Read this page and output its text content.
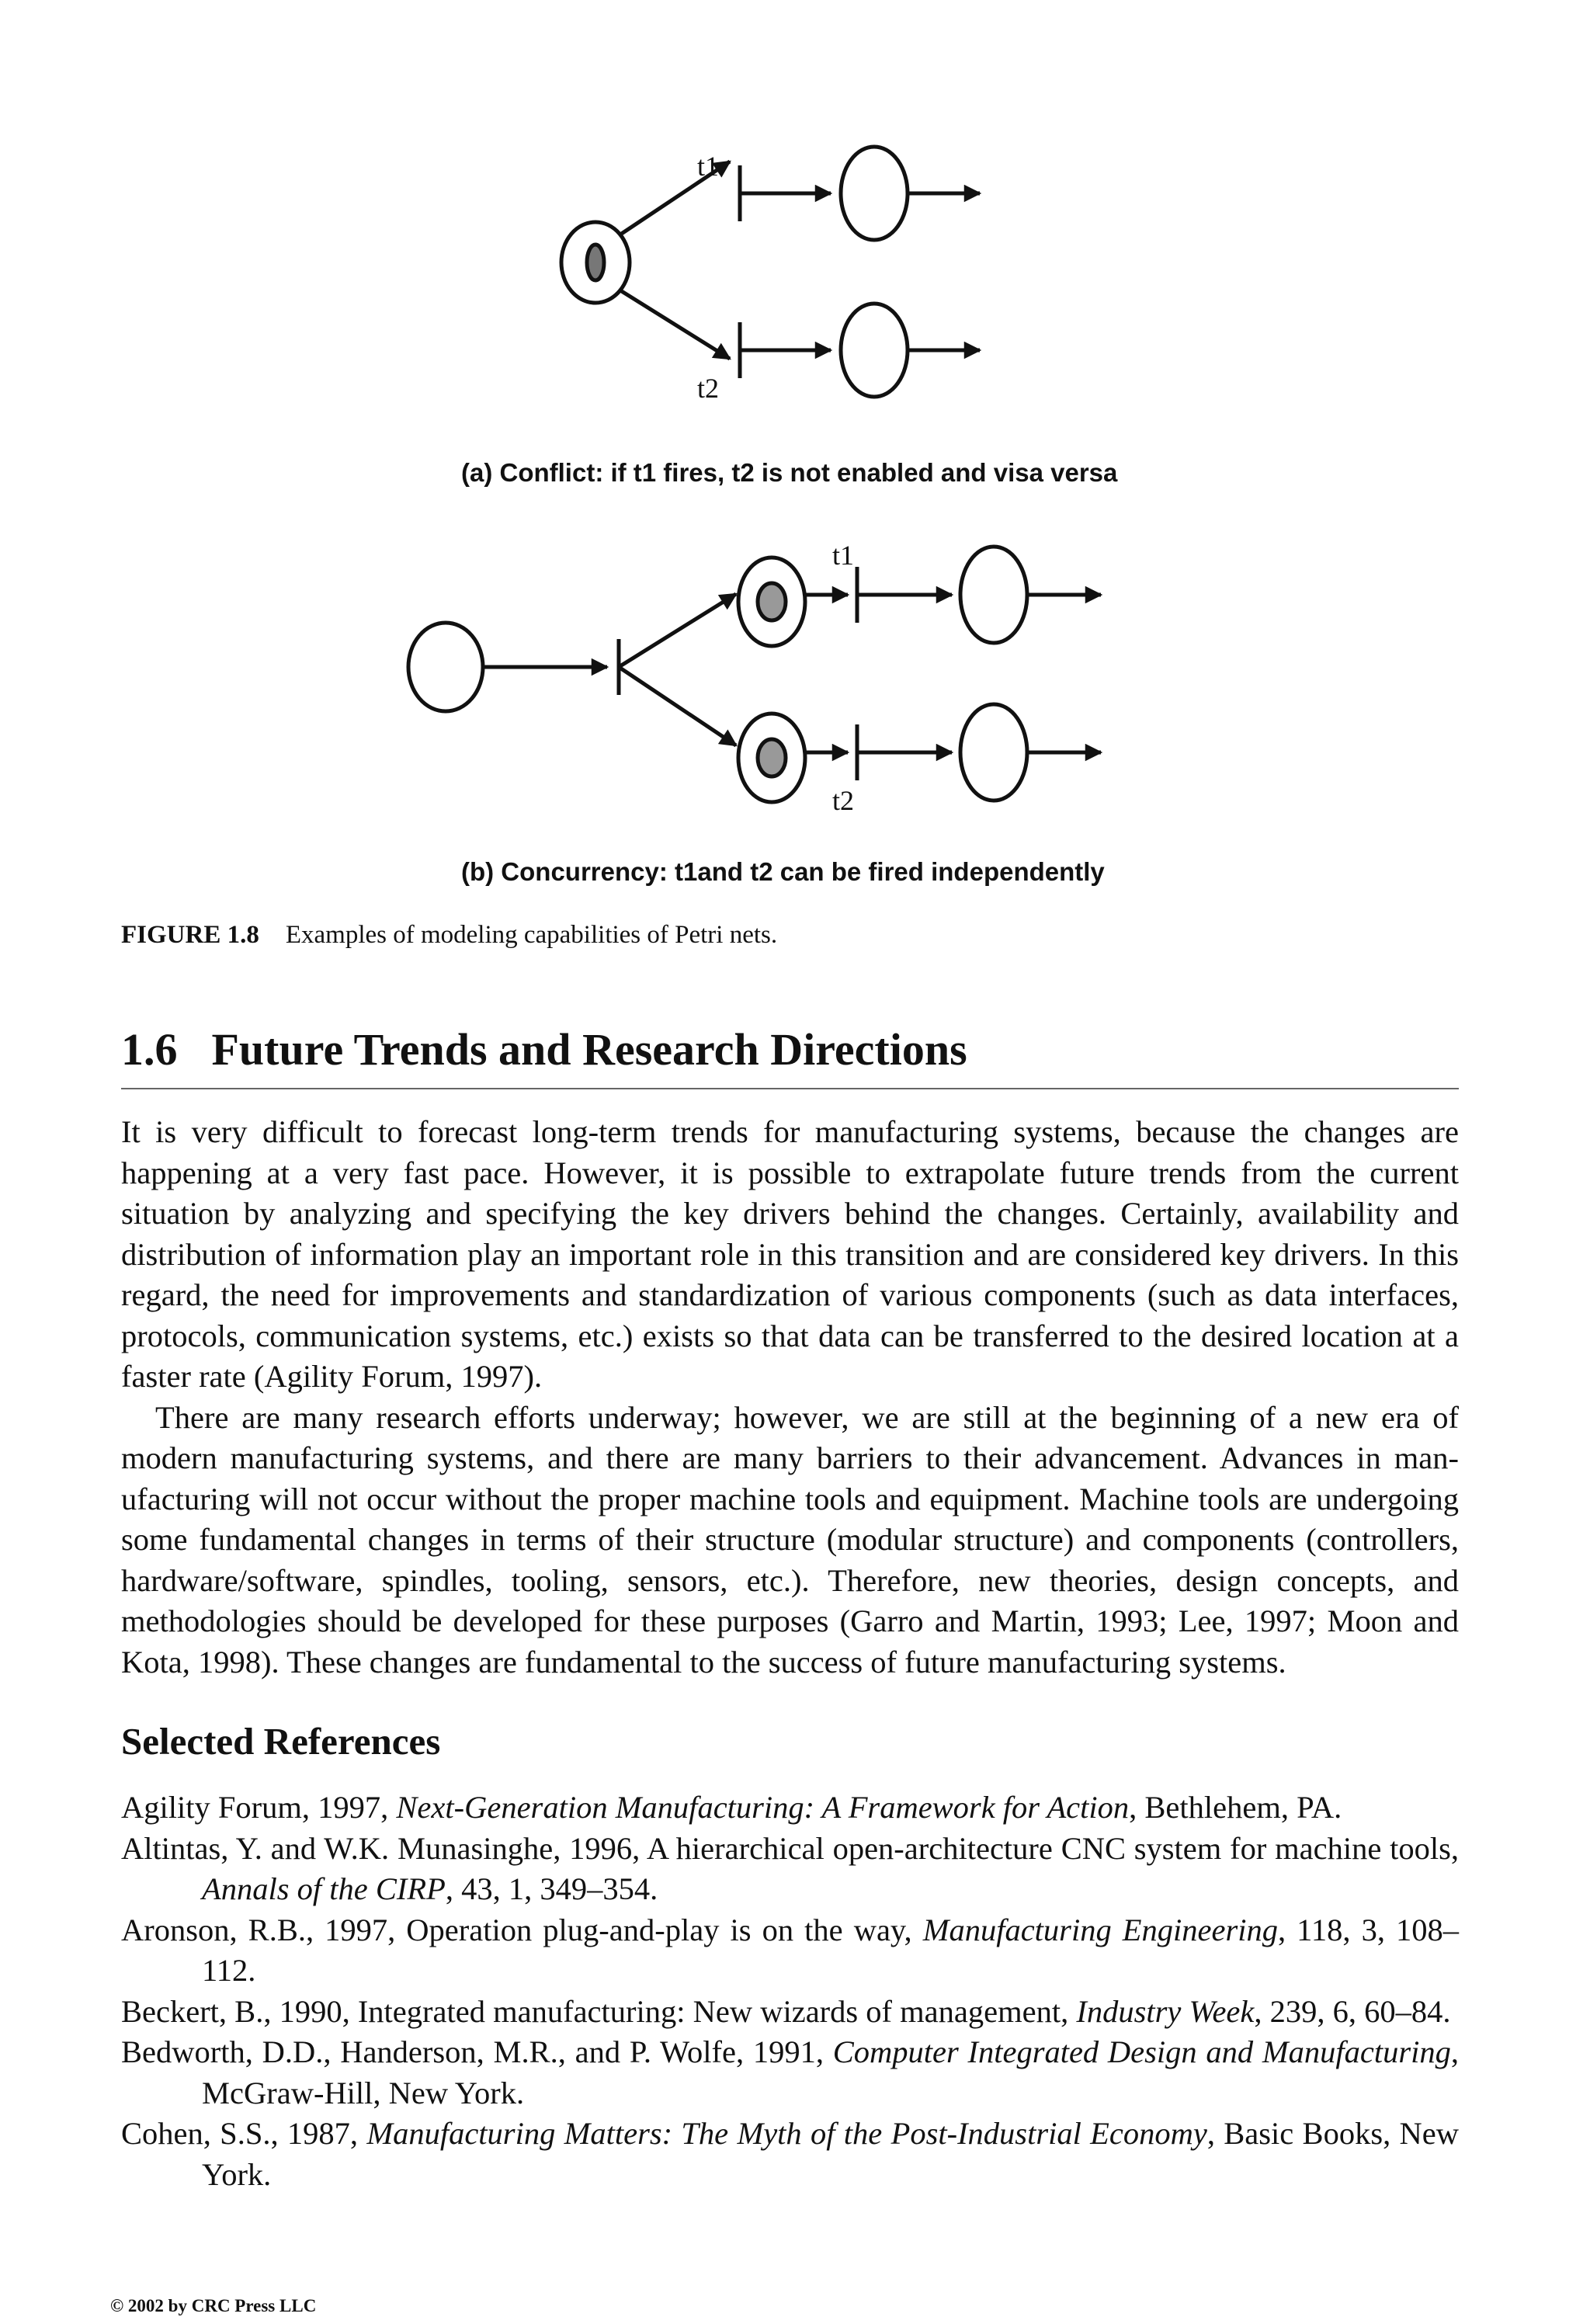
t1
t2
t1
t2
(a) Conflict: if t1 fires, t2 is not enabled and visa versa
(b) Concurrency: t1and t2 can be fired independently
FIGURE 1.8 Examples of modeling capabilities of Petri nets.
1.6 Future Trends and Research Directions

It is very difficult to forecast long-term trends for manufacturing systems, because the changes are happening at a very fast pace. However, it is possible to extrapolate future trends from the current situation by analyzing and specifying the key drivers behind the changes. Certainly, availability and distribution of information play an important role in this transition and are considered key drivers. In this regard, the need for improvements and standardization of various components (such as data interfaces, protocols, communication systems, etc.) exists so that data can be transferred to the desired location at a faster rate (Agility Forum, 1997).

There are many research efforts underway; however, we are still at the beginning of a new era of modern manufacturing systems, and there are many barriers to their advancement. Advances in manufacturing will not occur without the proper machine tools and equipment. Machine tools are undergoing some fundamental changes in terms of their structure (modular structure) and components (controllers, hardware/software, spindles, tooling, sensors, etc.). Therefore, new theories, design concepts, and methodologies should be developed for these purposes (Garro and Martin, 1993; Lee, 1997; Moon and Kota, 1998). These changes are fundamental to the success of future manufacturing systems.

Selected References

Agility Forum, 1997, Next-Generation Manufacturing: A Framework for Action, Bethlehem, PA.

Altintas, Y. and W.K. Munasinghe, 1996, A hierarchical open-architecture CNC system for machine tools, Annals of the CIRP, 43, 1, 349–354.

Aronson, R.B., 1997, Operation plug-and-play is on the way, Manufacturing Engineering, 118, 3, 108–112.

Beckert, B., 1990, Integrated manufacturing: New wizards of management, Industry Week, 239, 6, 60–84.

Bedworth, D.D., Handerson, M.R., and P. Wolfe, 1991, Computer Integrated Design and Manufacturing, McGraw-Hill, New York.

Cohen, S.S., 1987, Manufacturing Matters: The Myth of the Post-Industrial Economy, Basic Books, New York.

© 2002 by CRC Press LLC
